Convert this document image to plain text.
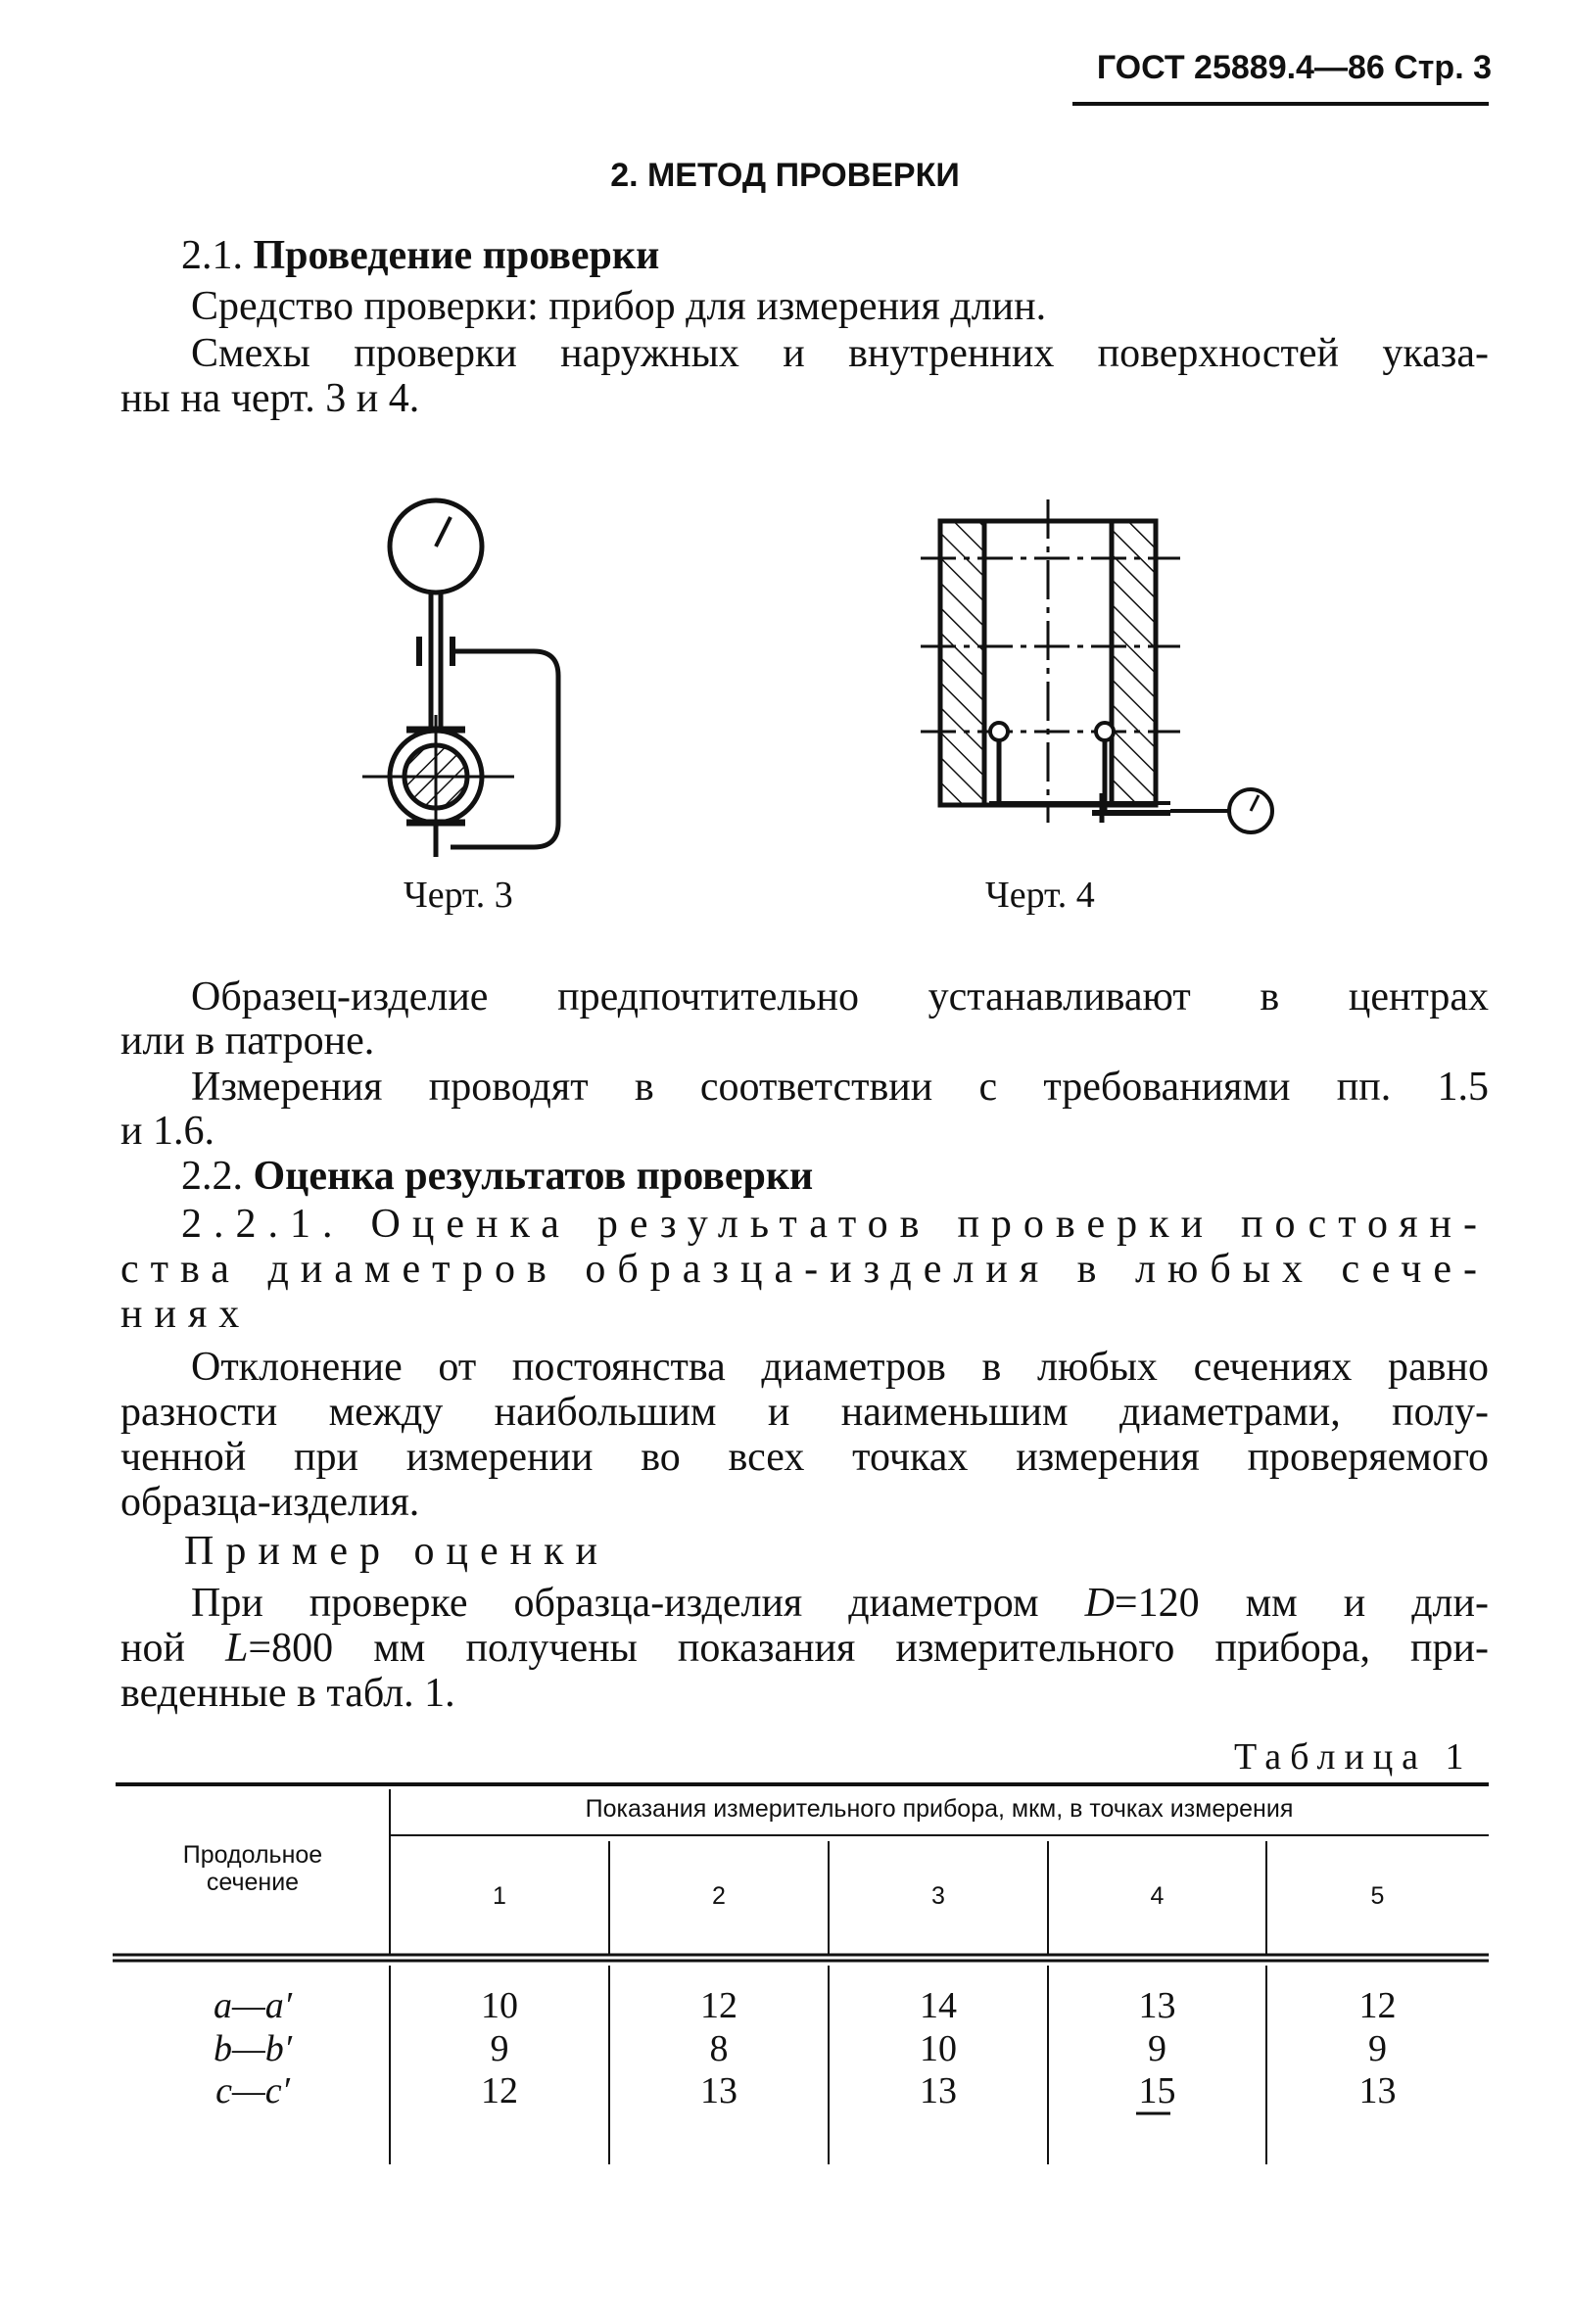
ГОСТ 25889.4—86 Стр. 3
2. МЕТОД ПРОВЕРКИ
2.1. Проведение проверки
Средство проверки: прибор для измерения длин.
Смехы проверки наружных и внутренних поверхностей указа-
ны на черт. 3 и 4.
Черт. 3	Черт. 4
Образец-изделие предпочтительно устанавливают в центрах
или в патроне.
Измерения проводят в соответствии с требованиями пп. 1.5
и 1.6.
2.2. Оценка результатов проверки
2.2.1. Оценка результатов проверки постоян-
ства диаметров образца-изделия в любых сече-
ниях
Отклонение от постоянства диаметров в любых сечениях равно
разности между наибольшим и наименьшим диаметрами, полу-
ченной при измерении во всех точках измерения проверяемого
образца-изделия.
Пример оценки
При проверке образца-изделия диаметром D=120 мм и дли-
ной L=800 мм получены показания измерительного прибора, при-
веденные в табл. 1.
Таблица 1
Продольное
сечение
Показания измерительного прибора, мкм, в точках измерения
1	2	3	4	5
a—a′	10	12	14	13	12
b—b′	9	8	10	9	9
c—c′	12	13	13	15	13
